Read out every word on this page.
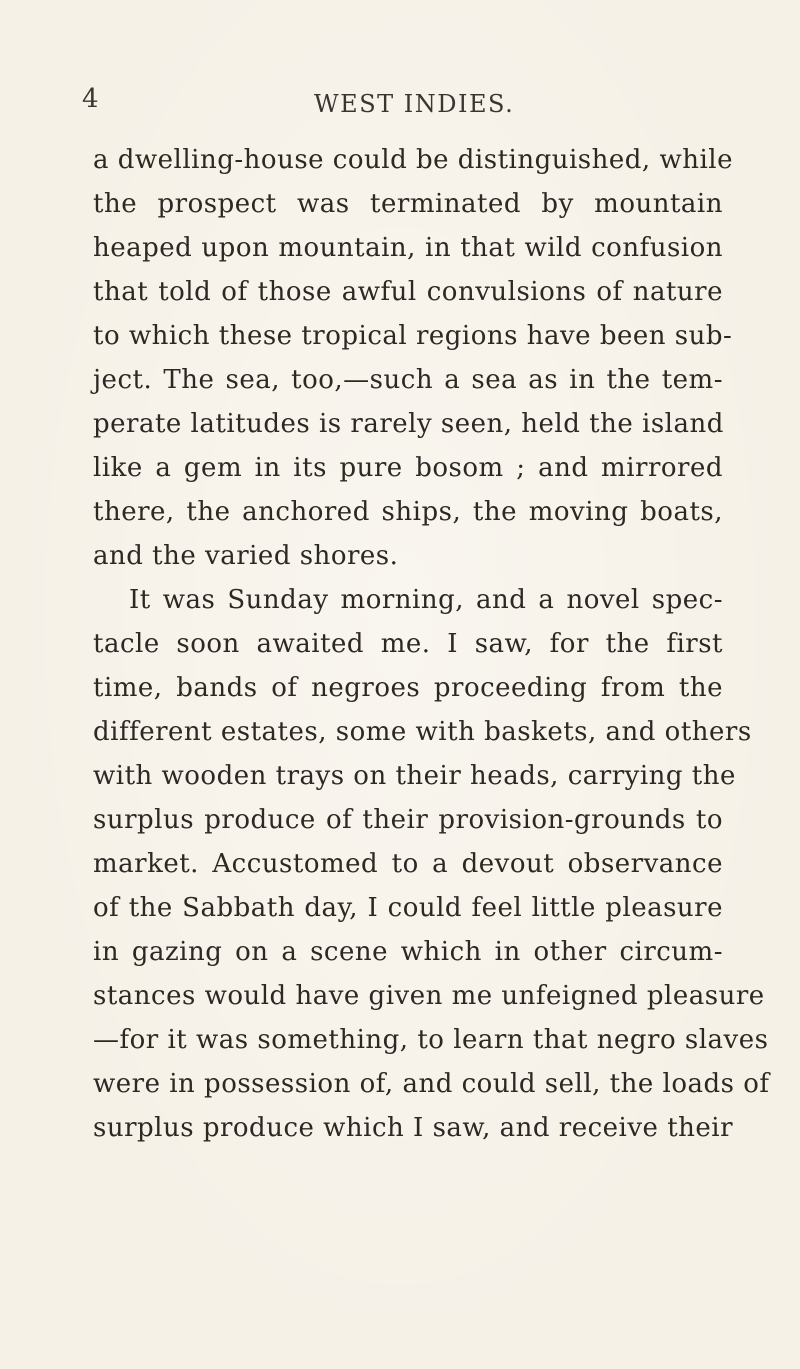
4	WEST INDIES.
a dwelling-house could be distinguished, while
the prospect was terminated by mountain
heaped upon mountain, in that wild confusion
that told of those awful convulsions of nature
to which these tropical regions have been sub-
ject. The sea, too,—such a sea as in the tem-
perate latitudes is rarely seen, held the island
like a gem in its pure bosom ; and mirrored
there, the anchored ships, the moving boats,
and the varied shores.
It was Sunday morning, and a novel spec-
tacle soon awaited me. I saw, for the first
time, bands of negroes proceeding from the
different estates, some with baskets, and others
with wooden trays on their heads, carrying the
surplus produce of their provision-grounds to
market. Accustomed to a devout observance
of the Sabbath day, I could feel little pleasure
in gazing on a scene which in other circum-
stances would have given me unfeigned pleasure
—for it was something, to learn that negro slaves
were in possession of, and could sell, the loads of
surplus produce which I saw, and receive their
